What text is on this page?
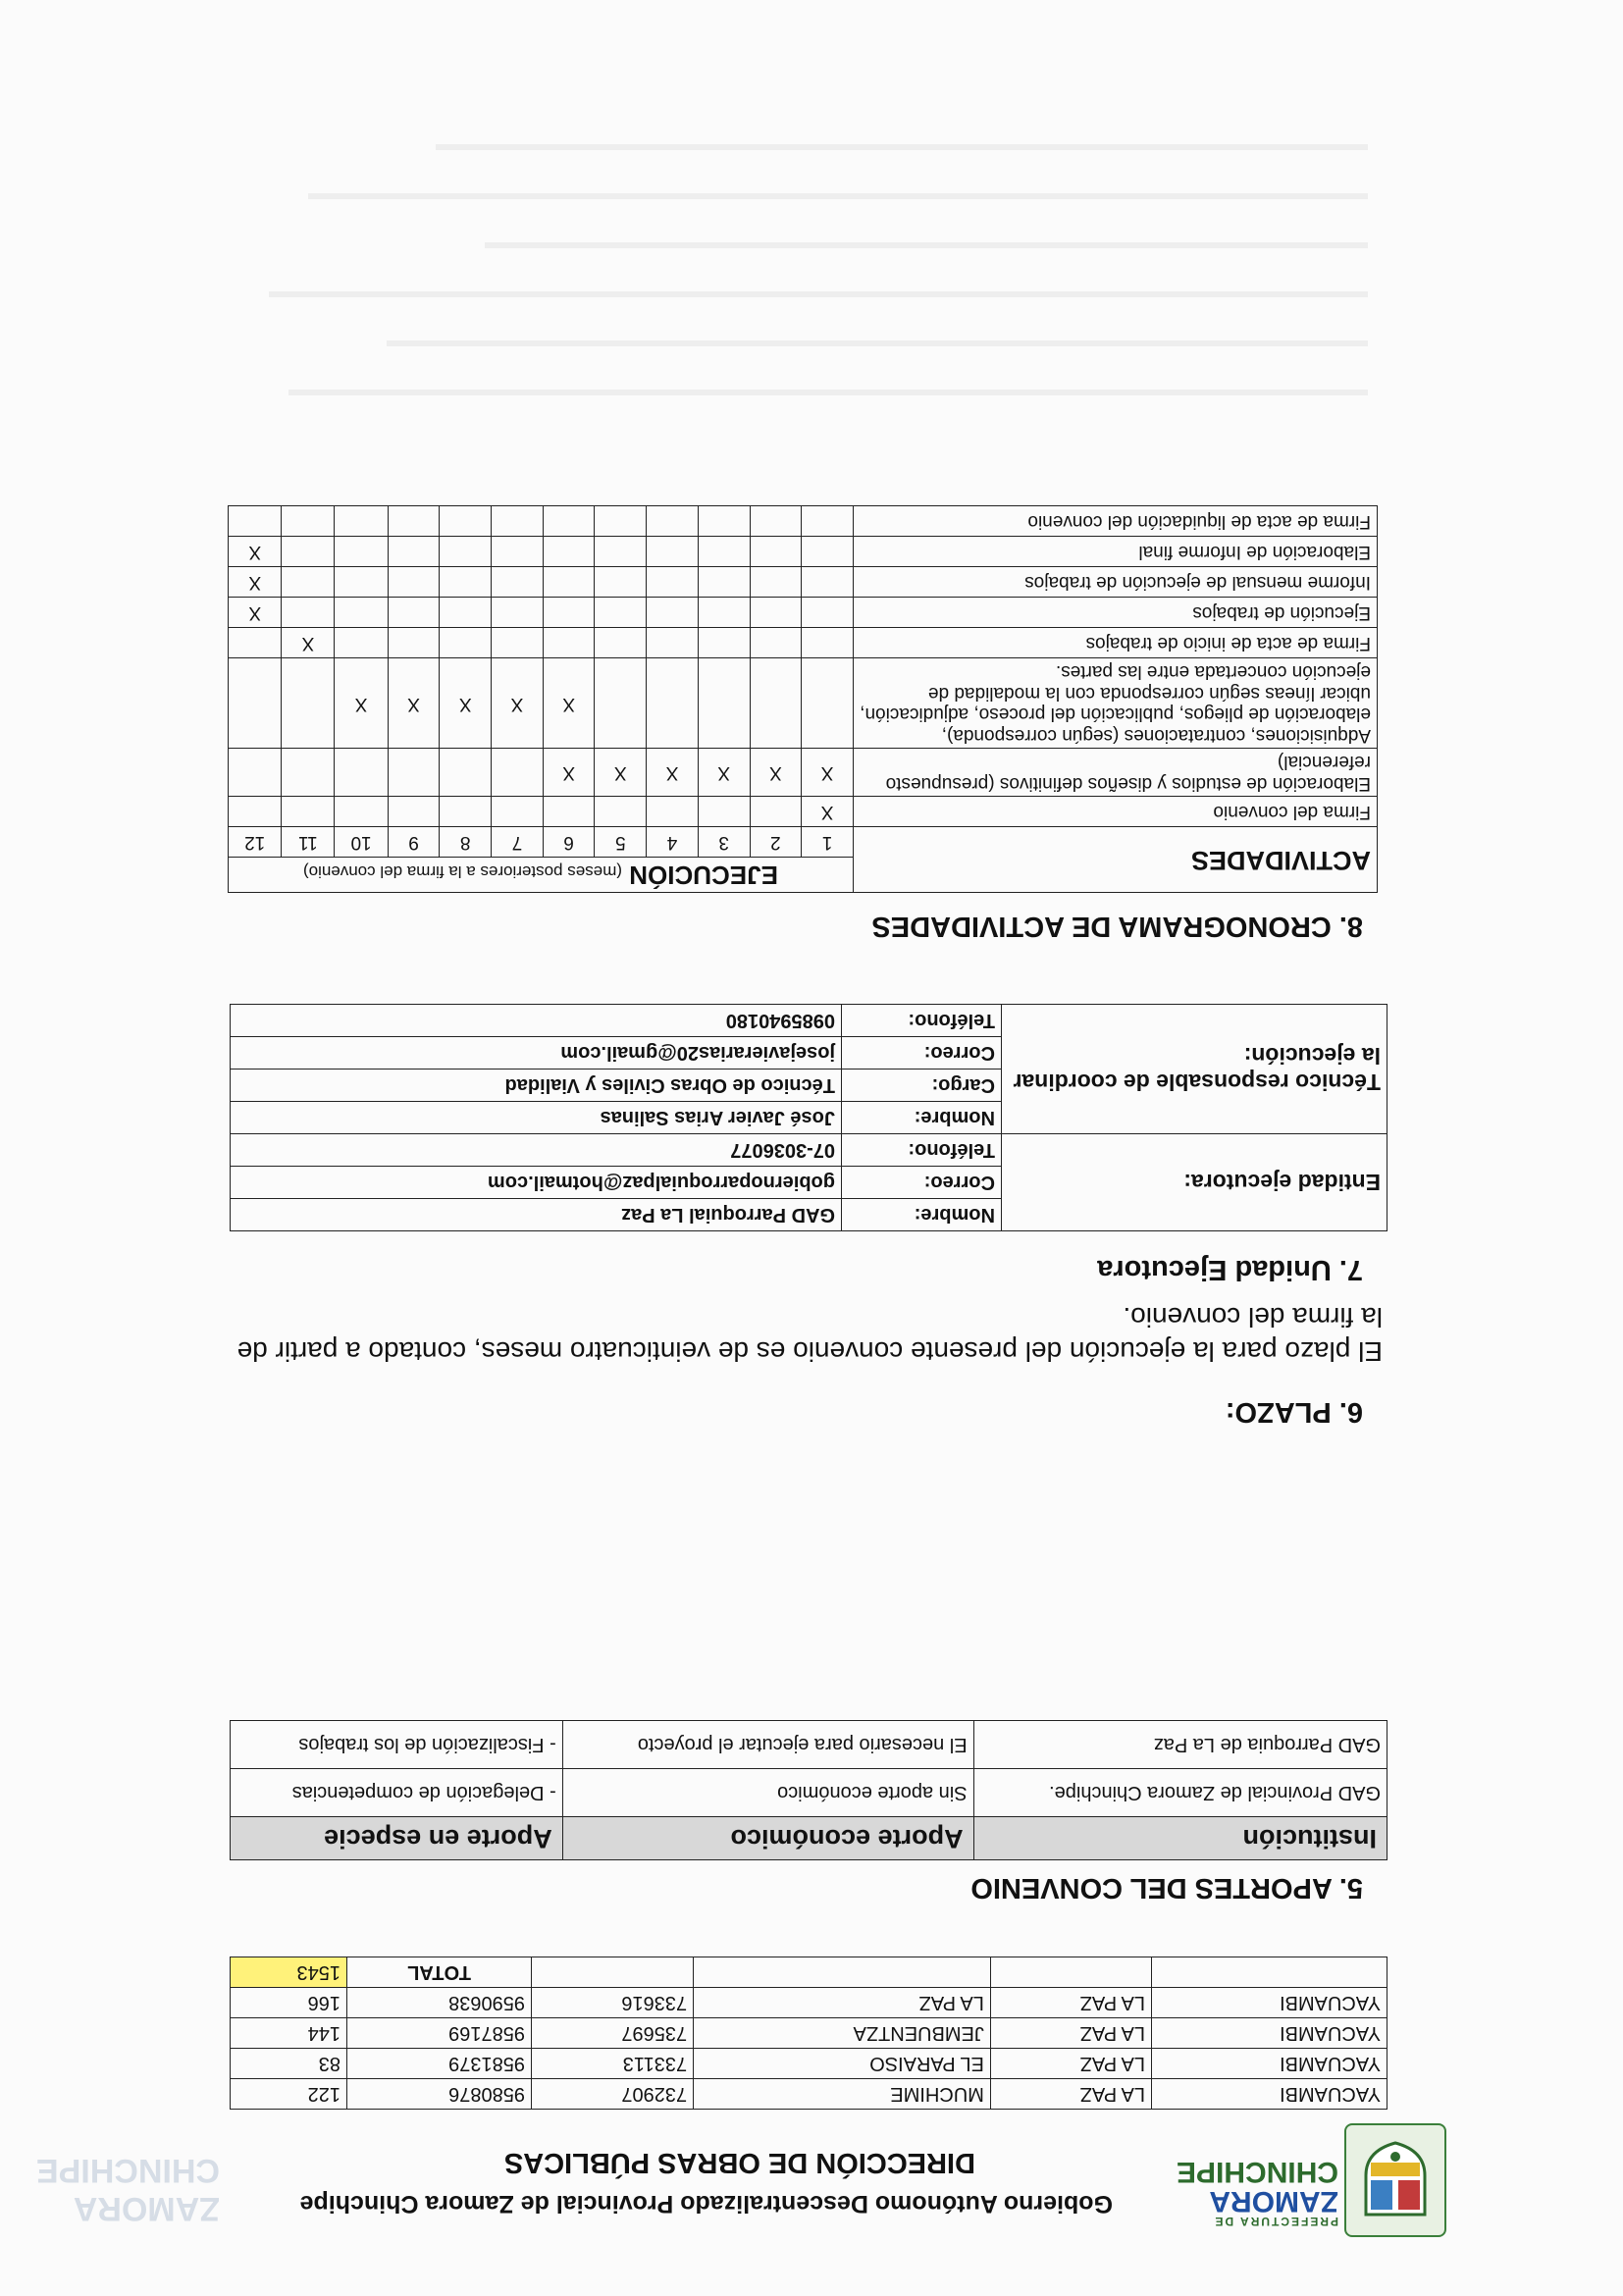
PREFECTURA DE
ZAMORA
CHINCHIPE
Gobierno Autónomo Descentralizado Provincial de Zamora Chinchipe
DIRECCIÓN DE OBRAS PÚBLICAS
ZAMORA
CHINCHIPE
YACUAMBI	LA PAZ	MUCHIME	732907	9580876	122
YACUAMBI	LA PAZ	EL PARAISO	733113	9581379	83
YACUAMBI	LA PAZ	JEMBUENTZA	735697	9587169	144
YACUAMBI	LA PAZ	LA PAZ	733616	9590638	166
				TOTAL	1543
5. APORTES DEL CONVENIO
Institución	Aporte económico	Aporte en especie
GAD Provincial de Zamora Chinchipe.	Sin aporte económico	- Delegación de competencias
GAD Parroquia de La Paz	El necesario para ejecutar el proyecto	- Fiscalización de los trabajos
6. PLAZO:
El plazo para la ejecución del presente convenio es de veinticuatro meses, contado a partir de la firma del convenio.
7. Unidad Ejecutora
Entidad ejecutora:	Nombre:	GAD Parroquial La Paz
	Correo:	gobiernoparroquialpaz@hotmail.com
	Teléfono:	07-3036077
Técnico responsable de coordinar la ejecución:	Nombre:	José Javier Arias Salinas
	Cargo:	Técnico de Obras Civiles y Vialidad
	Correo:	josejavierarias20@gmail.com
	Teléfono:	0985940180
8. CRONOGRAMA DE ACTIVIDADES
ACTIVIDADES	EJECUCIÓN (meses posteriores a la firma del convenio)											
	1	2	3	4	5	6	7	8	9	10	11	12
Firma del convenio	X											
Elaboración de estudios y diseños definitivos (presupuesto referencial)	X	X	X	X	X	X						
Adquisiciones, contrataciones (según corresponda), elaboración de pliegos, publicación del proceso, adjudicación, ubicar líneas según corresponda con la modalidad de ejecución concertada entre las partes.						X	X	X	X	X		
Firma de acta de inicio de trabajos											X	
Ejecución de trabajos												X
Informe mensual de ejecución de trabajos												X
Elaboración de Informe final												X
Firma de acta de liquidación del convenio												
